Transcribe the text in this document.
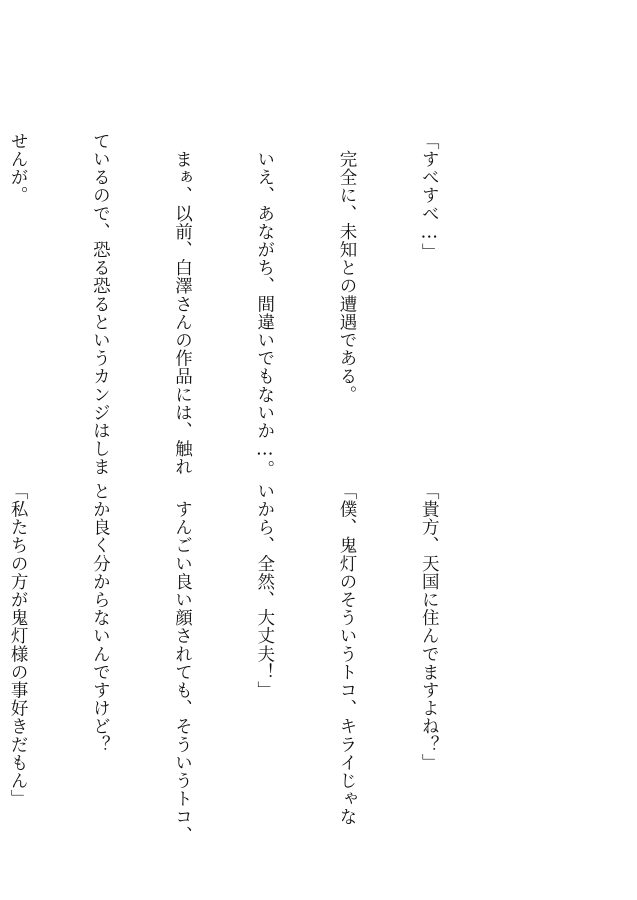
「すべすべ…」

　完全に、未知との遭遇である。

　いえ、あながち、間違いでもないか…。

　まぁ、以前、白澤さんの作品には、触れ

ているので、恐る恐るというカンジはしま

せんが。

「貴方、天国に住んでますよね？」

「僕、鬼灯のそういうトコ、キライじゃな

いから、全然、大丈夫！」

　すんごい良い顔されても、そういうトコ、

とか良く分からないんですけど？

「私たちの方が鬼灯様の事好きだもん」
